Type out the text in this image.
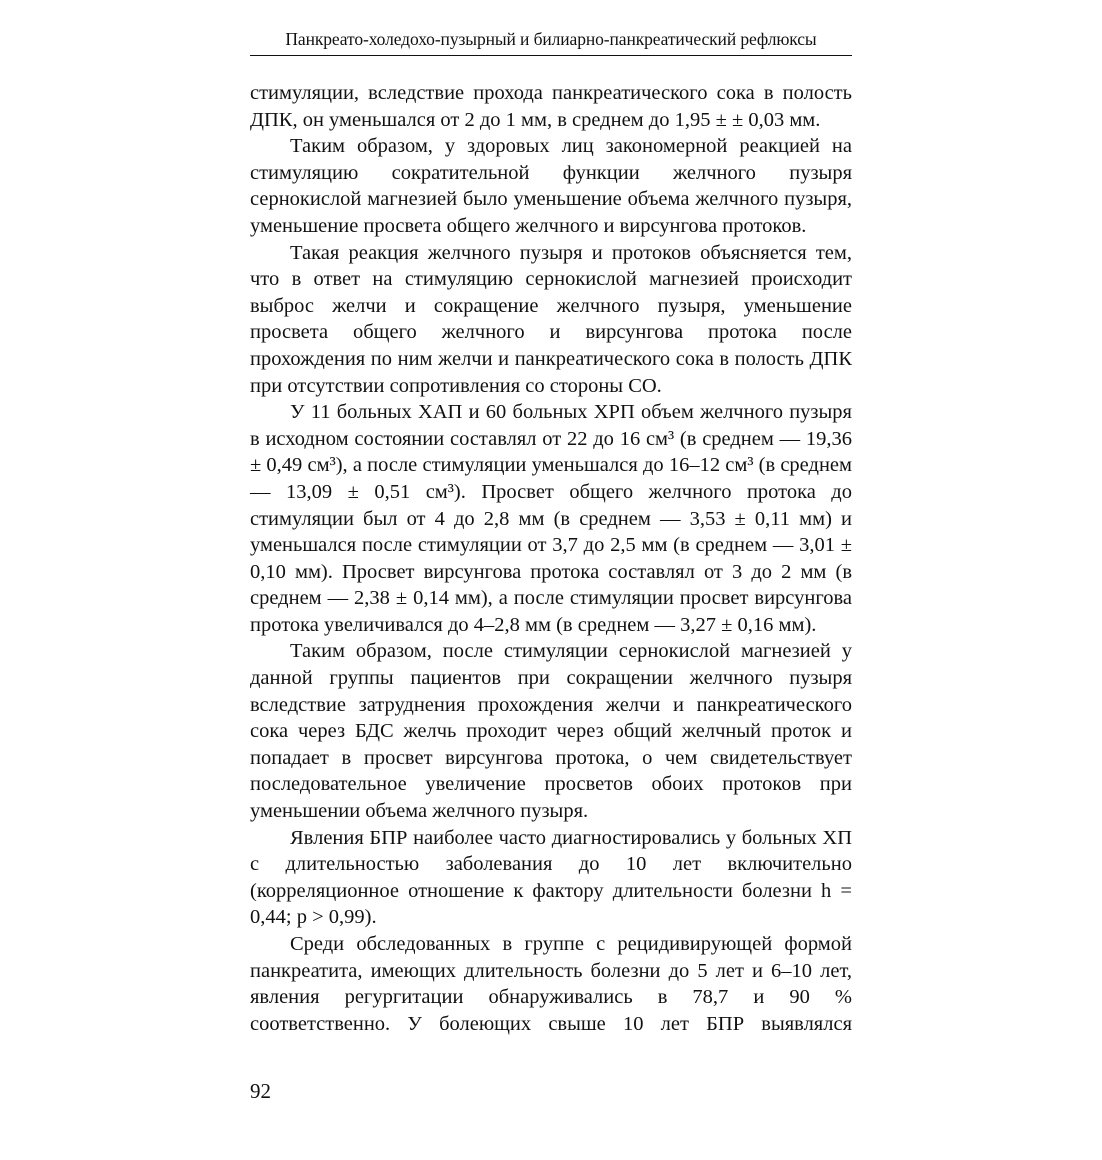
Панкреато-холедохо-пузырный и билиарно-панкреатический рефлюксы

стимуляции, вследствие прохода панкреатического сока в полость ДПК, он уменьшался от 2 до 1 мм, в среднем до 1,95 ± ± 0,03 мм.

Таким образом, у здоровых лиц закономерной реакцией на стимуляцию сократительной функции желчного пузыря сернокислой магнезией было уменьшение объема желчного пузыря, уменьшение просвета общего желчного и вирсунгова протоков.

Такая реакция желчного пузыря и протоков объясняется тем, что в ответ на стимуляцию сернокислой магнезией происходит выброс желчи и сокращение желчного пузыря, уменьшение просвета общего желчного и вирсунгова протока после прохождения по ним желчи и панкреатического сока в полость ДПК при отсутствии сопротивления со стороны СО.

У 11 больных ХАП и 60 больных ХРП объем желчного пузыря в исходном состоянии составлял от 22 до 16 см³ (в среднем — 19,36 ± 0,49 см³), а после стимуляции уменьшался до 16–12 см³ (в среднем — 13,09 ± 0,51 см³). Просвет общего желчного протока до стимуляции был от 4 до 2,8 мм (в среднем — 3,53 ± 0,11 мм) и уменьшался после стимуляции от 3,7 до 2,5 мм (в среднем — 3,01 ± 0,10 мм). Просвет вирсунгова протока составлял от 3 до 2 мм (в среднем — 2,38 ± 0,14 мм), а после стимуляции просвет вирсунгова протока увеличивался до 4–2,8 мм (в среднем — 3,27 ± 0,16 мм).

Таким образом, после стимуляции сернокислой магнезией у данной группы пациентов при сокращении желчного пузыря вследствие затруднения прохождения желчи и панкреатического сока через БДС желчь проходит через общий желчный проток и попадает в просвет вирсунгова протока, о чем свидетельствует последовательное увеличение просветов обоих протоков при уменьшении объема желчного пузыря.

Явления БПР наиболее часто диагностировались у больных ХП с длительностью заболевания до 10 лет включительно (корреляционное отношение к фактору длительности болезни h = 0,44; p > 0,99).

Среди обследованных в группе с рецидивирующей формой панкреатита, имеющих длительность болезни до 5 лет и 6–10 лет, явления регургитации обнаруживались в 78,7 и 90 % соответственно. У болеющих свыше 10 лет БПР выявлялся

92
